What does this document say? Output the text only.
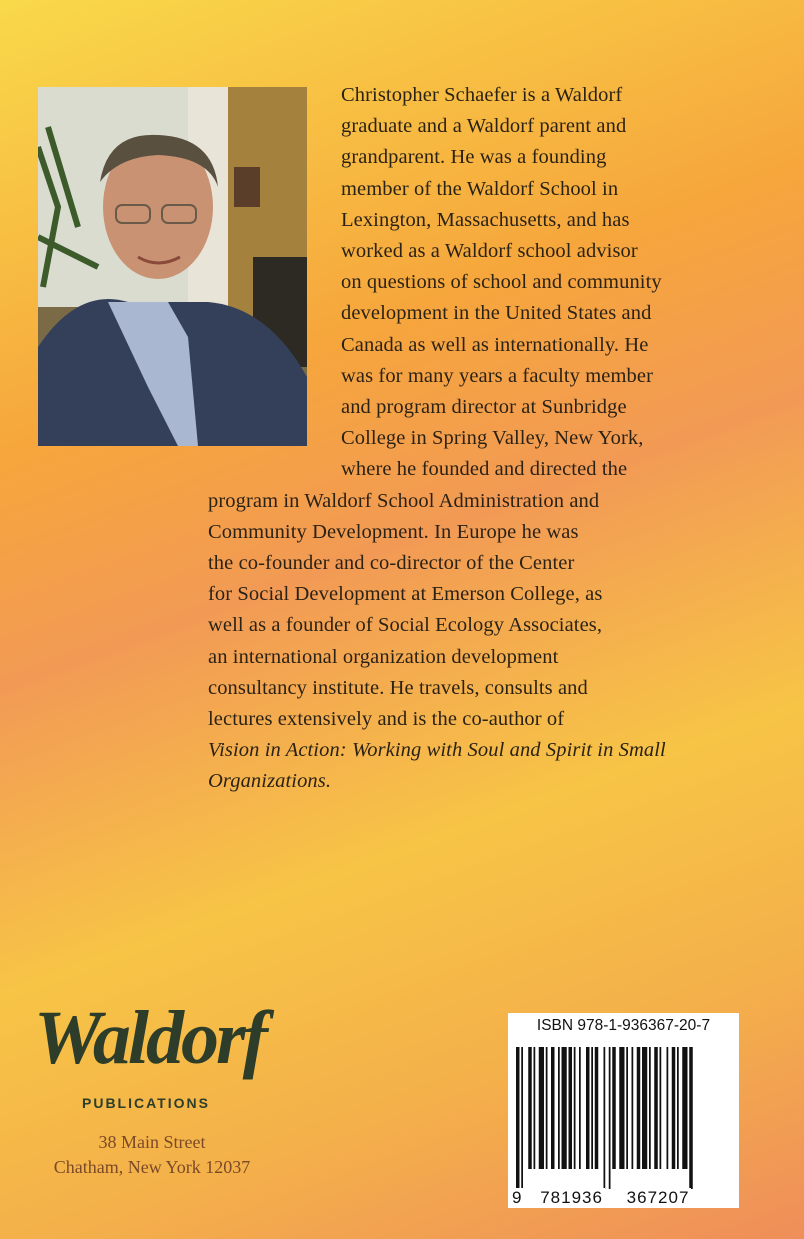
Christopher Schaefer is a Waldorf
graduate and a Waldorf parent and
grandparent. He was a founding
member of the Waldorf School in
Lexington, Massachusetts, and has
worked as a Waldorf school advisor
on questions of school and community
development in the United States and
Canada as well as internationally. He
was for many years a faculty member
and program director at Sunbridge
College in Spring Valley, New York,
where he founded and directed the
program in Waldorf School Administration and
Community Development. In Europe he was
the co-founder and co-director of the Center
for Social Development at Emerson College, as
well as a founder of Social Ecology Associates,
an international organization development
consultancy institute. He travels, consults and
lectures extensively and is the co-author of
Vision in Action: Working with Soul and Spirit in Small
Organizations.
Waldorf
PUBLICATIONS
38 Main Street
Chatham, New York 12037
ISBN 978-1-936367-20-7
9 781936 367207
